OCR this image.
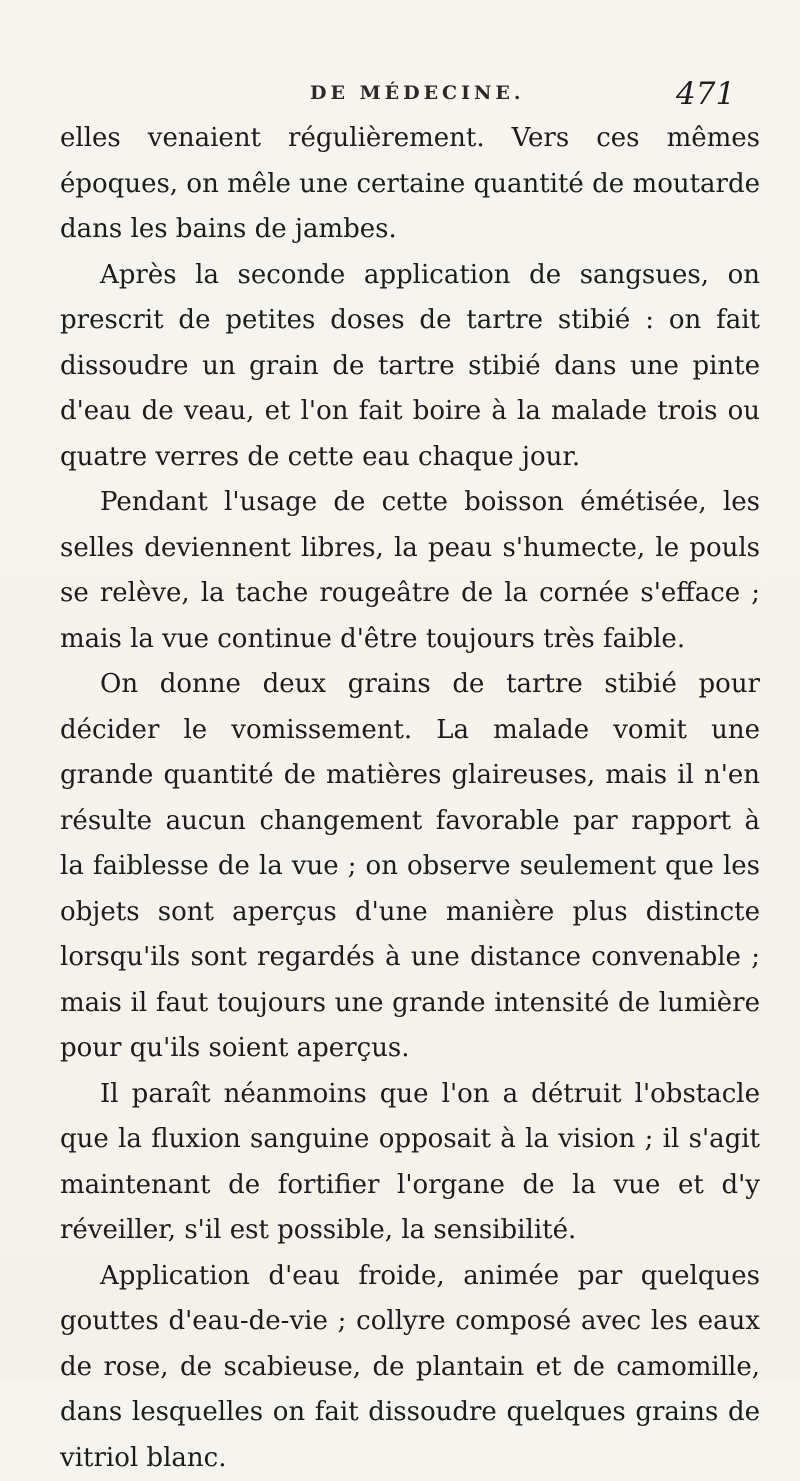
DE MÉDECINE.	471

elles venaient régulièrement. Vers ces mêmes époques, on mêle une certaine quantité de moutarde dans les bains de jambes.

Après la seconde application de sangsues, on prescrit de petites doses de tartre stibié : on fait dissoudre un grain de tartre stibié dans une pinte d'eau de veau, et l'on fait boire à la malade trois ou quatre verres de cette eau chaque jour.

Pendant l'usage de cette boisson émétisée, les selles deviennent libres, la peau s'humecte, le pouls se relève, la tache rougeâtre de la cornée s'efface ; mais la vue continue d'être toujours très faible.

On donne deux grains de tartre stibié pour décider le vomissement. La malade vomit une grande quantité de matières glaireuses, mais il n'en résulte aucun changement favorable par rapport à la faiblesse de la vue ; on observe seulement que les objets sont aperçus d'une manière plus distincte lorsqu'ils sont regardés à une distance convenable ; mais il faut toujours une grande intensité de lumière pour qu'ils soient aperçus.

Il paraît néanmoins que l'on a détruit l'obstacle que la fluxion sanguine opposait à la vision ; il s'agit maintenant de fortifier l'organe de la vue et d'y réveiller, s'il est possible, la sensibilité.

Application d'eau froide, animée par quelques gouttes d'eau-de-vie ; collyre composé avec les eaux de rose, de scabieuse, de plantain et de camomille, dans lesquelles on fait dissoudre quelques grains de vitriol blanc.
